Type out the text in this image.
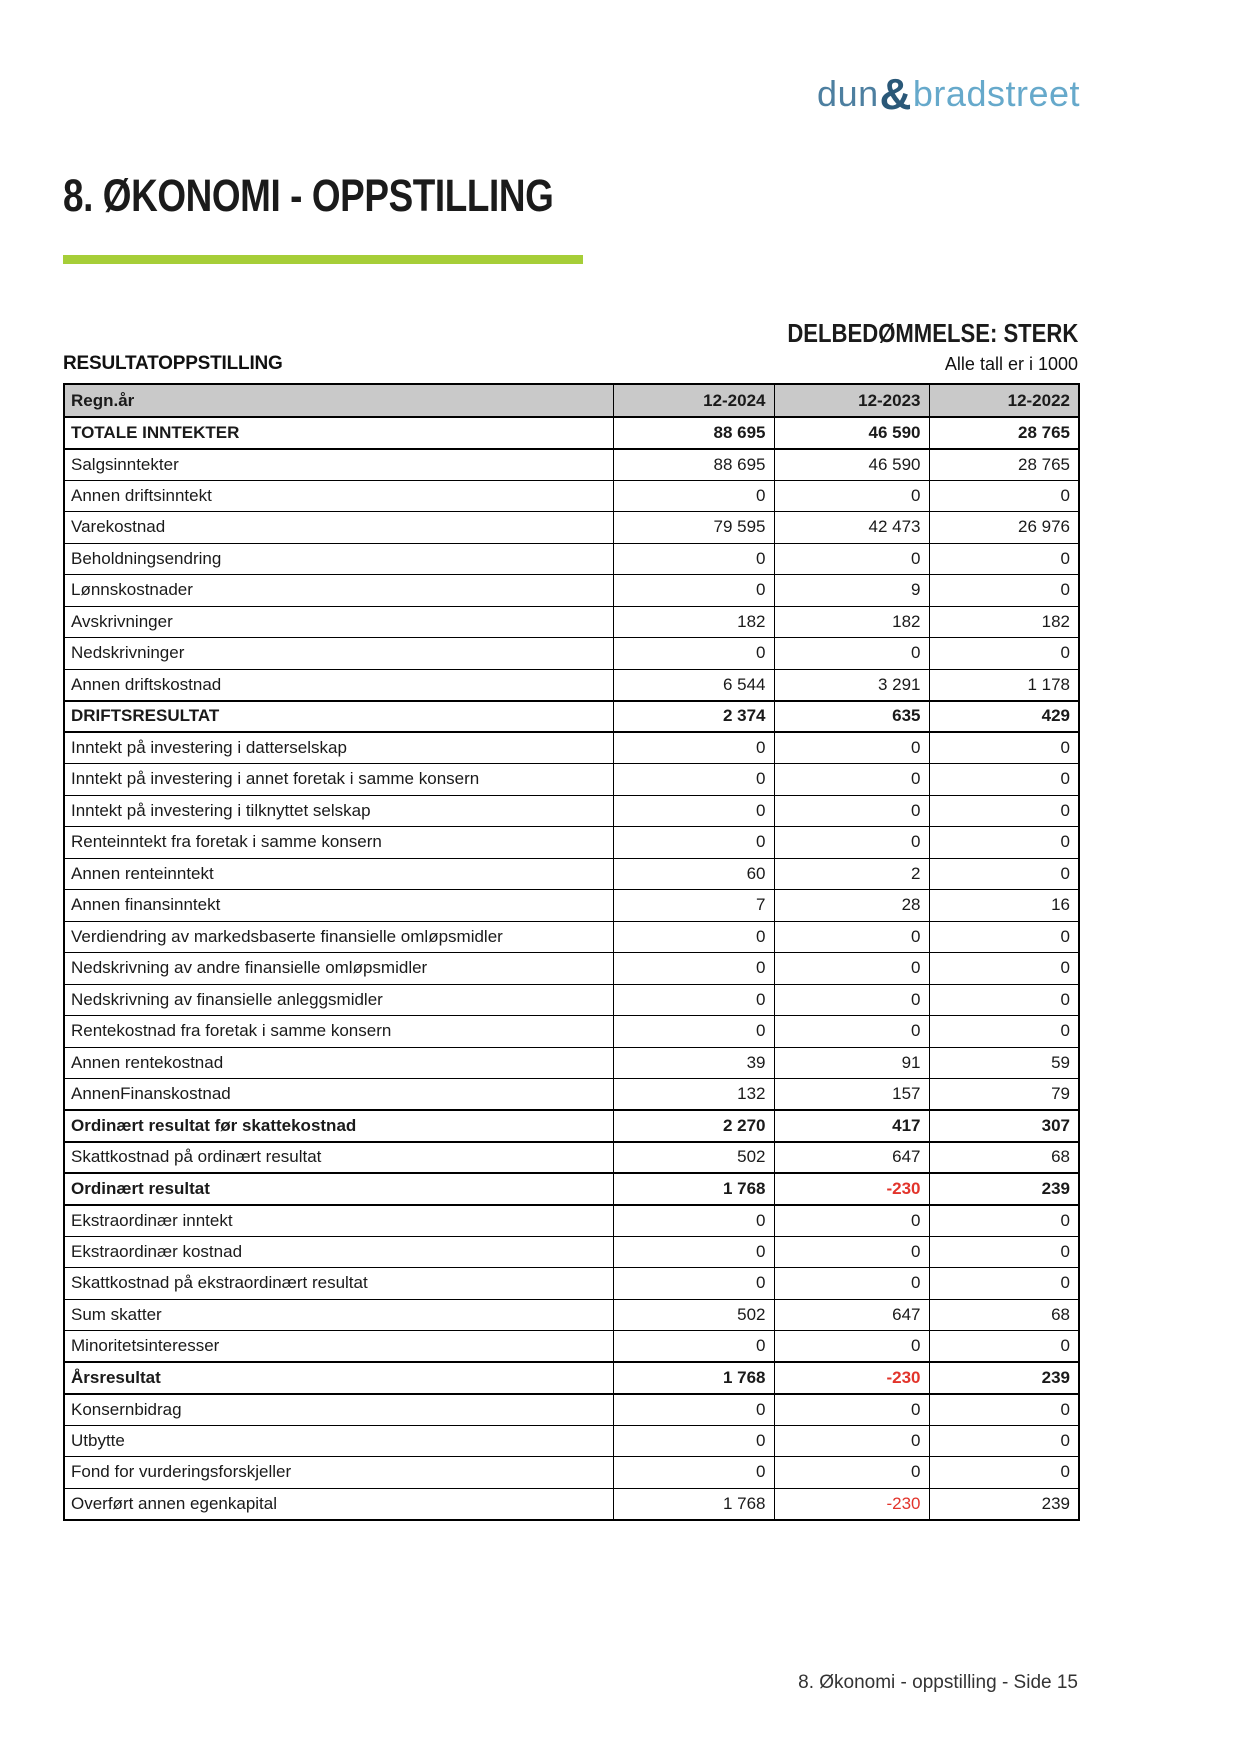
dun&bradstreet
8. ØKONOMI - OPPSTILLING
DELBEDØMMELSE: STERK
RESULTATOPPSTILLING	Alle tall er i 1000
Regn.år	12-2024	12-2023	12-2022
TOTALE INNTEKTER	88 695	46 590	28 765
Salgsinntekter	88 695	46 590	28 765
Annen driftsinntekt	0	0	0
Varekostnad	79 595	42 473	26 976
Beholdningsendring	0	0	0
Lønnskostnader	0	9	0
Avskrivninger	182	182	182
Nedskrivninger	0	0	0
Annen driftskostnad	6 544	3 291	1 178
DRIFTSRESULTAT	2 374	635	429
Inntekt på investering i datterselskap	0	0	0
Inntekt på investering i annet foretak i samme konsern	0	0	0
Inntekt på investering i tilknyttet selskap	0	0	0
Renteinntekt fra foretak i samme konsern	0	0	0
Annen renteinntekt	60	2	0
Annen finansinntekt	7	28	16
Verdiendring av markedsbaserte finansielle omløpsmidler	0	0	0
Nedskrivning av andre finansielle omløpsmidler	0	0	0
Nedskrivning av finansielle anleggsmidler	0	0	0
Rentekostnad fra foretak i samme konsern	0	0	0
Annen rentekostnad	39	91	59
AnnenFinanskostnad	132	157	79
Ordinært resultat før skattekostnad	2 270	417	307
Skattkostnad på ordinært resultat	502	647	68
Ordinært resultat	1 768	-230	239
Ekstraordinær inntekt	0	0	0
Ekstraordinær kostnad	0	0	0
Skattkostnad på ekstraordinært resultat	0	0	0
Sum skatter	502	647	68
Minoritetsinteresser	0	0	0
Årsresultat	1 768	-230	239
Konsernbidrag	0	0	0
Utbytte	0	0	0
Fond for vurderingsforskjeller	0	0	0
Overført annen egenkapital	1 768	-230	239
8. Økonomi - oppstilling - Side 15
